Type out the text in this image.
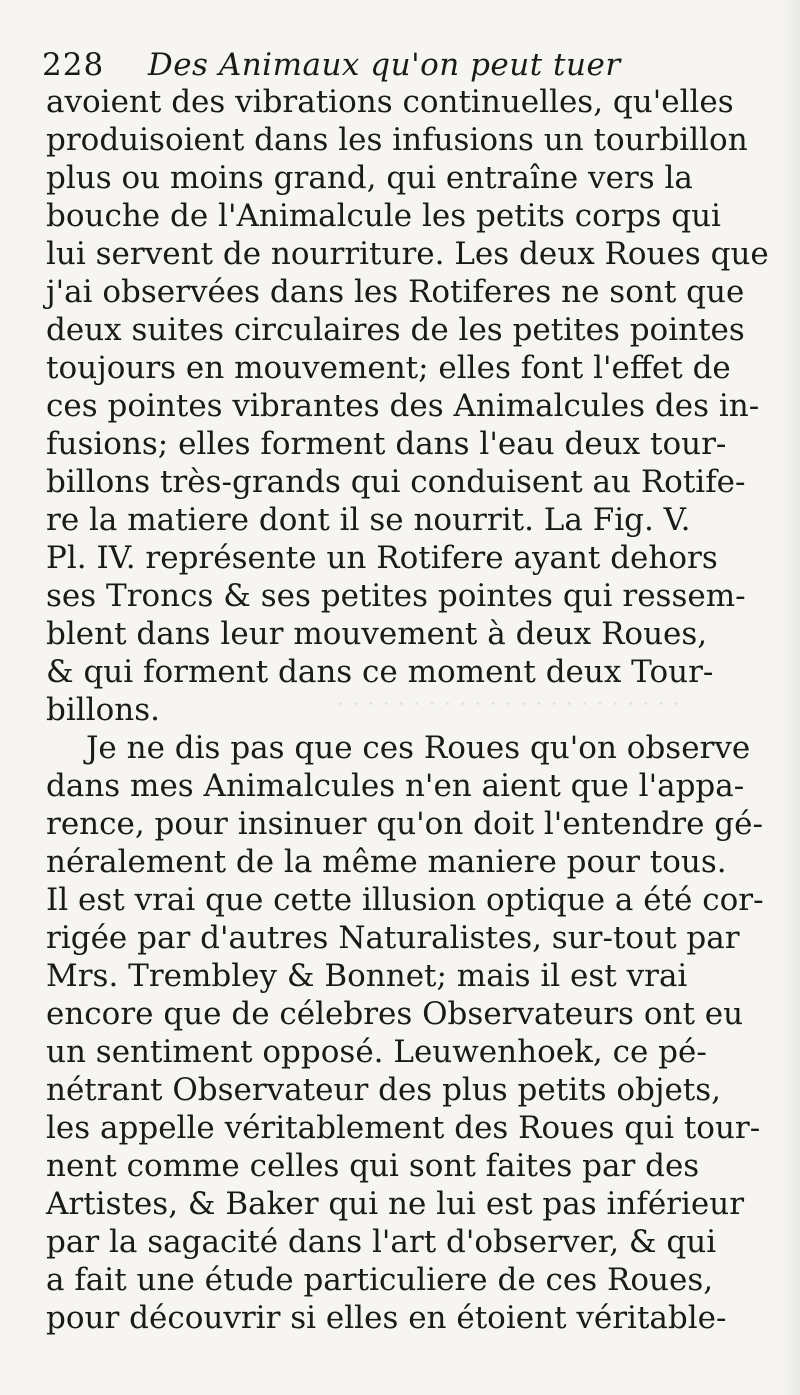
· · · · · · · · · · · · · · · · · · · · · · ·
228 Des Animaux qu'on peut tuer
avoient des vibrations continuelles, qu'elles
produisoient dans les infusions un tourbillon
plus ou moins grand, qui entraîne vers la
bouche de l'Animalcule les petits corps qui
lui servent de nourriture. Les deux Roues que
j'ai observées dans les Rotiferes ne sont que
deux suites circulaires de les petites pointes
toujours en mouvement; elles font l'effet de
ces pointes vibrantes des Animalcules des in-
fusions; elles forment dans l'eau deux tour-
billons très-grands qui conduisent au Rotife-
re la matiere dont il se nourrit. La Fig. V.
Pl. IV. représente un Rotifere ayant dehors
ses Troncs & ses petites pointes qui ressem-
blent dans leur mouvement à deux Roues,
& qui forment dans ce moment deux Tour-
billons.
Je ne dis pas que ces Roues qu'on observe
dans mes Animalcules n'en aient que l'appa-
rence, pour insinuer qu'on doit l'entendre gé-
néralement de la même maniere pour tous.
Il est vrai que cette illusion optique a été cor-
rigée par d'autres Naturalistes, sur-tout par
Mrs. Trembley & Bonnet; mais il est vrai
encore que de célebres Observateurs ont eu
un sentiment opposé. Leuwenhoek, ce pé-
nétrant Observateur des plus petits objets,
les appelle véritablement des Roues qui tour-
nent comme celles qui sont faites par des
Artistes, & Baker qui ne lui est pas inférieur
par la sagacité dans l'art d'observer, & qui
a fait une étude particuliere de ces Roues,
pour découvrir si elles en étoient véritable-
